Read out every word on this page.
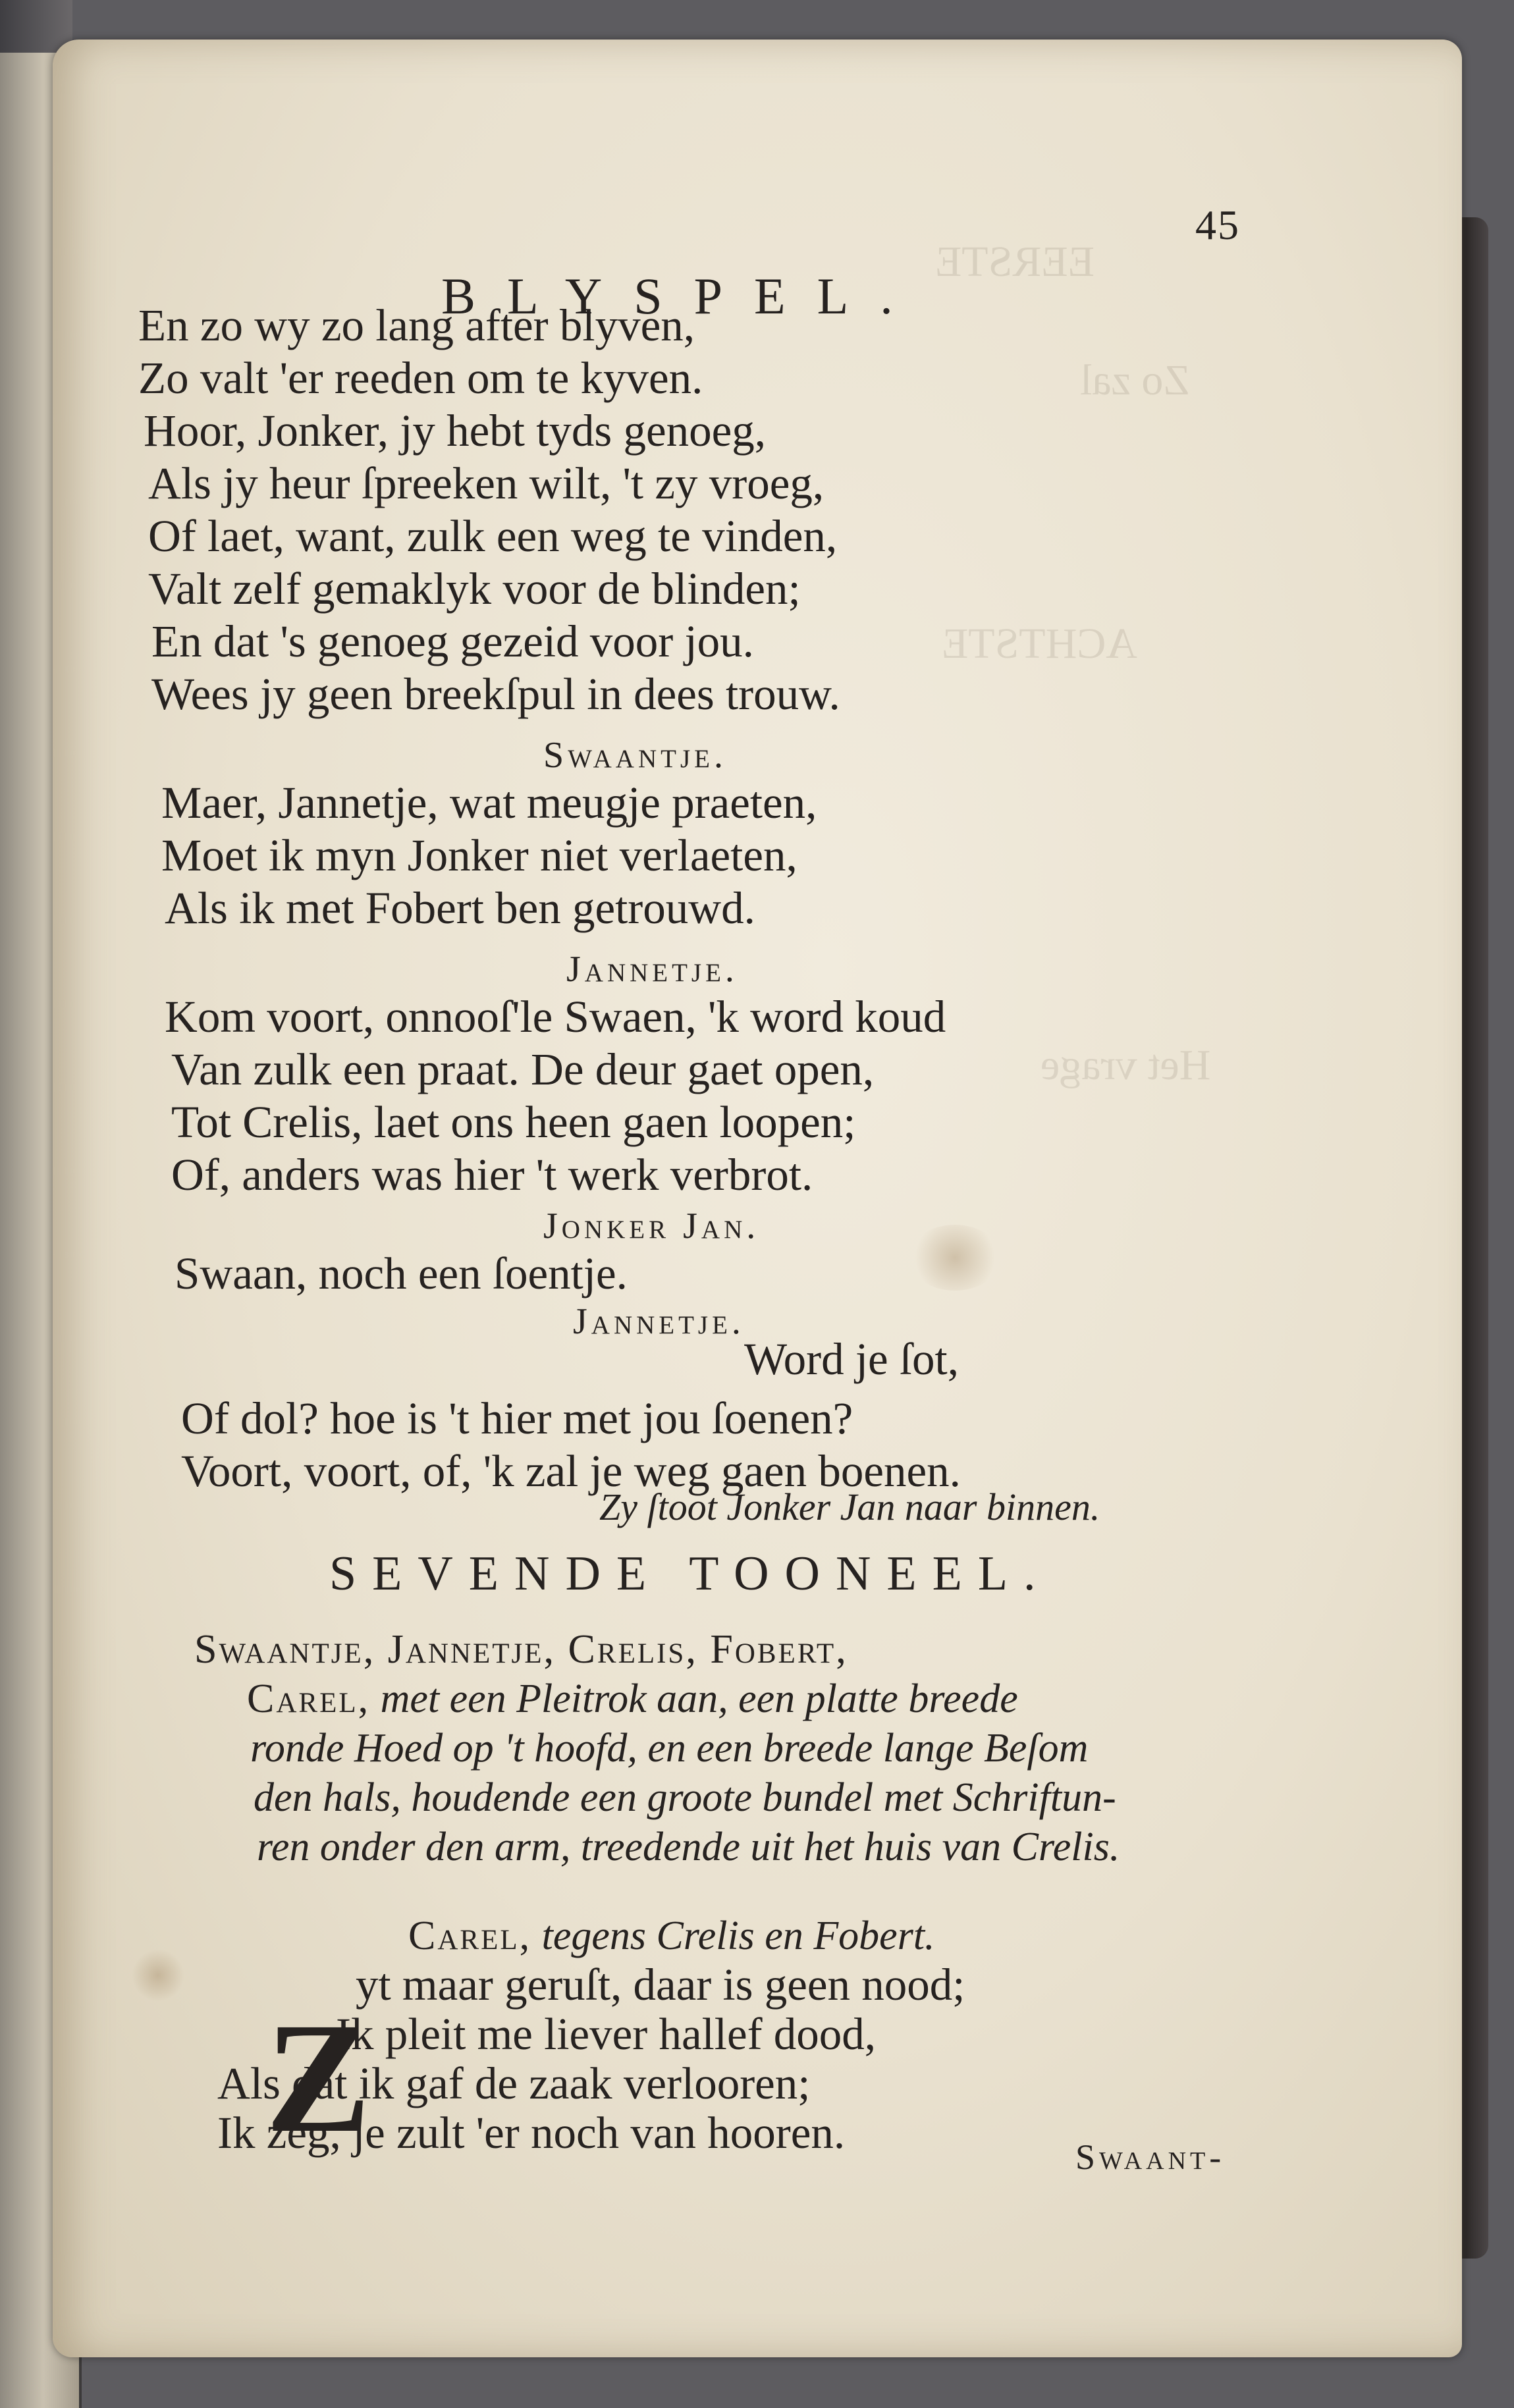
EERSTE
Zo zal
ACHTSTE
Het vrage
BLYSPEL.
45
En zo wy zo lang after blyven,
Zo valt 'er reeden om te kyven.
Hoor, Jonker, jy hebt tyds genoeg,
Als jy heur ſpreeken wilt, 't zy vroeg,
Of laet, want, zulk een weg te vinden,
Valt zelf gemaklyk voor de blinden;
En dat 's genoeg gezeid voor jou.
Wees jy geen breekſpul in dees trouw.
Swaantje.
Maer, Jannetje, wat meugje praeten,
Moet ik myn Jonker niet verlaeten,
Als ik met Fobert ben getrouwd.
Jannetje.
Kom voort, onnooſ'le Swaen, 'k word koud
Van zulk een praat. De deur gaet open,
Tot Crelis, laet ons heen gaen loopen;
Of, anders was hier 't werk verbrot.
Jonker Jan.
Swaan, noch een ſoentje.
Jannetje.
Word je ſot,
Of dol? hoe is 't hier met jou ſoenen?
Voort, voort, of, 'k zal je weg gaen boenen.
Zy ſtoot Jonker Jan naar binnen.
SEVENDE TOONEEL.
Swaantje, Jannetje, Crelis, Fobert,
Carel, met een Pleitrok aan, een platte breede
ronde Hoed op 't hoofd, en een breede lange Beſom
den hals, houdende een groote bundel met Schriftun-
ren onder den arm, treedende uit het huis van Crelis.
Carel, tegens Crelis en Fobert.
Z
yt maar geruſt, daar is geen nood;
Ik pleit me liever hallef dood,
Als dat ik gaf de zaak verlooren;
Ik zeg, je zult 'er noch van hooren.	Swaant-
